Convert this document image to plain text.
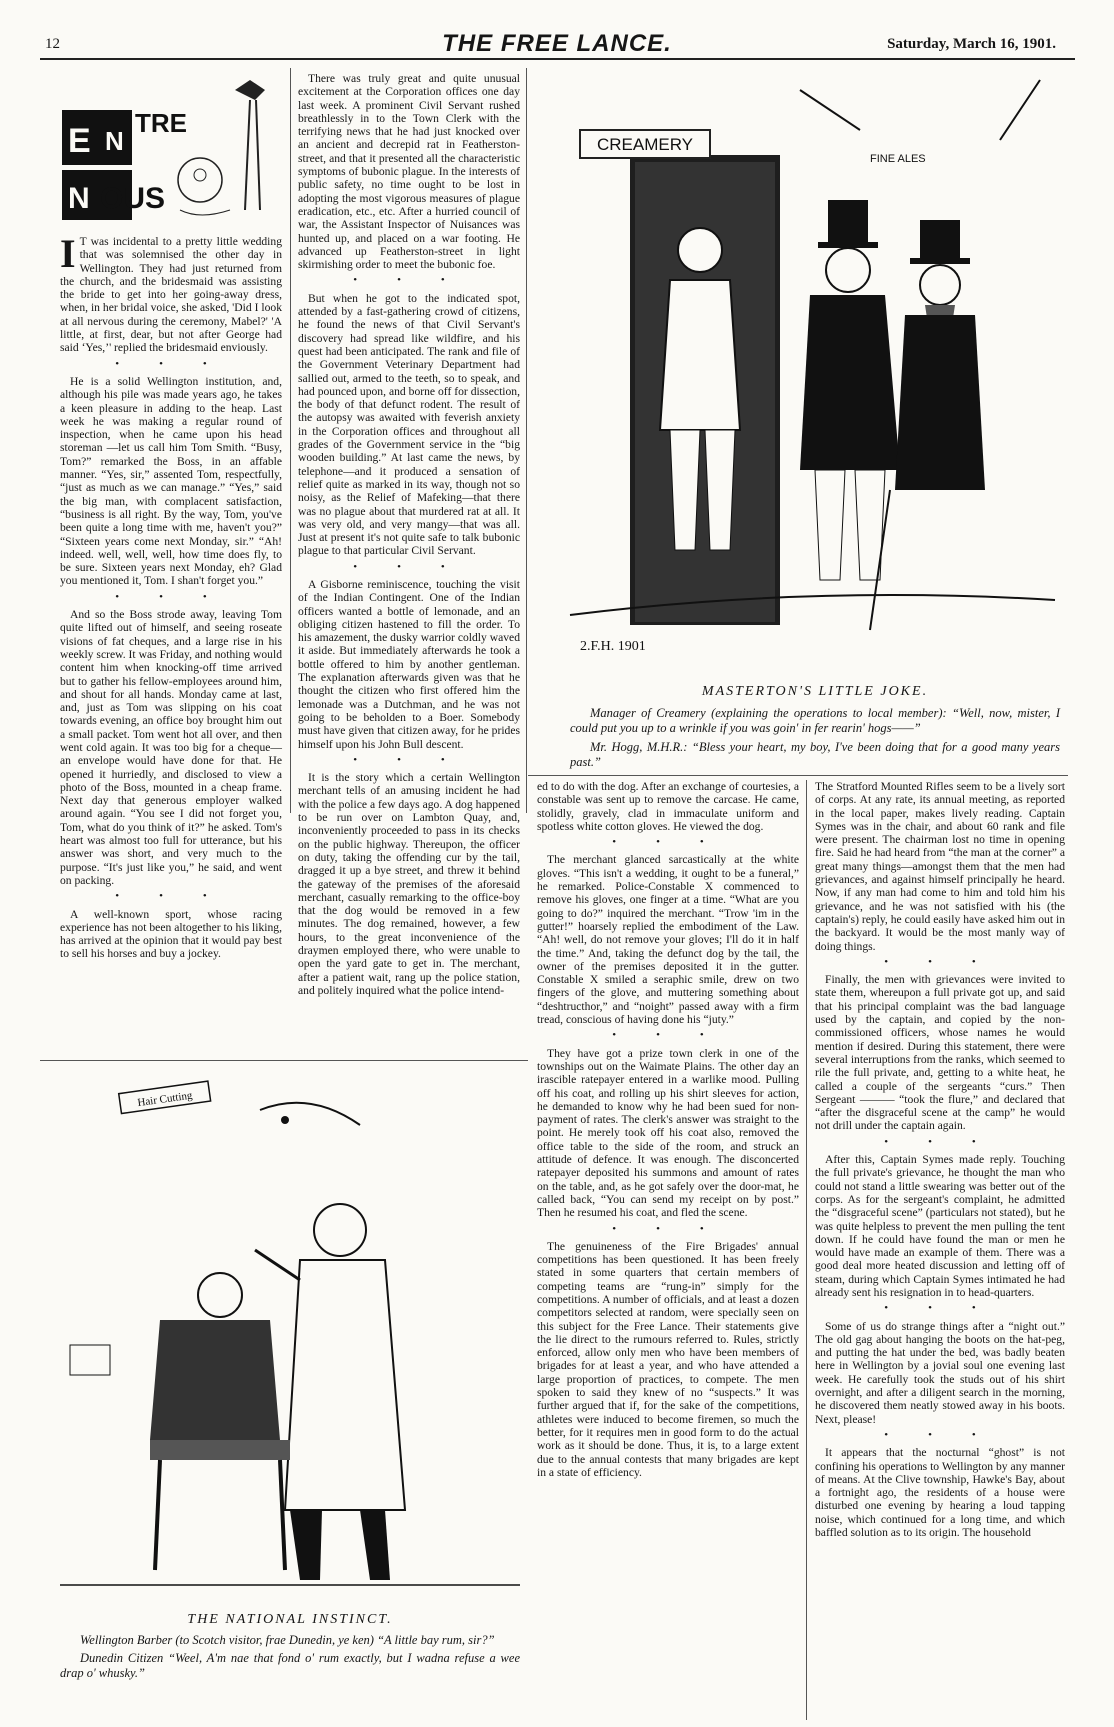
12	THE FREE LANCE.	Saturday, March 16, 1901.
E N
N
TRE
OUS

I T was incidental to a pretty little wedding that was solemnised the other day in Wellington. They had just returned from the church, and the bridesmaid was assisting the bride to get into her going-away dress, when, in her bridal voice, she asked, 'Did I look at all nervous during the ceremony, Mabel?' 'A little, at first, dear, but not after George had said ‘Yes,’' replied the bridesmaid enviously.

•••

He is a solid Wellington institution, and, although his pile was made years ago, he takes a keen pleasure in adding to the heap. Last week he was making a regular round of inspection, when he came upon his head storeman —let us call him Tom Smith. “Busy, Tom?” remarked the Boss, in an affable manner. “Yes, sir,” assented Tom, respectfully, “just as much as we can manage.” “Yes,” said the big man, with complacent satisfaction, “business is all right. By the way, Tom, you've been quite a long time with me, haven't you?” “Sixteen years come next Monday, sir.” “Ah! indeed. well, well, well, how time does fly, to be sure. Sixteen years next Monday, eh? Glad you mentioned it, Tom. I shan't forget you.”

•••

And so the Boss strode away, leaving Tom quite lifted out of himself, and seeing roseate visions of fat cheques, and a large rise in his weekly screw. It was Friday, and nothing would content him when knocking-off time arrived but to gather his fellow-employees around him, and shout for all hands. Monday came at last, and, just as Tom was slipping on his coat towards evening, an office boy brought him out a small packet. Tom went hot all over, and then went cold again. It was too big for a cheque—an envelope would have done for that. He opened it hurriedly, and disclosed to view a photo of the Boss, mounted in a cheap frame. Next day that generous employer walked around again. “You see I did not forget you, Tom, what do you think of it?” he asked. Tom's heart was almost too full for utterance, but his answer was short, and very much to the purpose. “It's just like you,” he said, and went on packing.

•••

A well-known sport, whose racing experience has not been altogether to his liking, has arrived at the opinion that it would pay best to sell his horses and buy a jockey.

There was truly great and quite unusual excitement at the Corporation offices one day last week. A prominent Civil Servant rushed breathlessly in to the Town Clerk with the terrifying news that he had just knocked over an ancient and decrepid rat in Featherston-street, and that it presented all the characteristic symptoms of bubonic plague. In the interests of public safety, no time ought to be lost in adopting the most vigorous measures of plague eradication, etc., etc. After a hurried council of war, the Assistant Inspector of Nuisances was hunted up, and placed on a war footing. He advanced up Featherston-street in light skirmishing order to meet the bubonic foe.

•••

But when he got to the indicated spot, attended by a fast-gathering crowd of citizens, he found the news of that Civil Servant's discovery had spread like wildfire, and his quest had been anticipated. The rank and file of the Government Veterinary Department had sallied out, armed to the teeth, so to speak, and had pounced upon, and borne off for dissection, the body of that defunct rodent. The result of the autopsy was awaited with feverish anxiety in the Corporation offices and throughout all grades of the Government service in the “big wooden building.” At last came the news, by telephone—and it produced a sensation of relief quite as marked in its way, though not so noisy, as the Relief of Mafeking—that there was no plague about that murdered rat at all. It was very old, and very mangy—that was all. Just at present it's not quite safe to talk bubonic plague to that particular Civil Servant.

•••

A Gisborne reminiscence, touching the visit of the Indian Contingent. One of the Indian officers wanted a bottle of lemonade, and an obliging citizen hastened to fill the order. To his amazement, the dusky warrior coldly waved it aside. But immediately afterwards he took a bottle offered to him by another gentleman. The explanation afterwards given was that he thought the citizen who first offered him the lemonade was a Dutchman, and he was not going to be beholden to a Boer. Somebody must have given that citizen away, for he prides himself upon his John Bull descent.

•••

It is the story which a certain Wellington merchant tells of an amusing incident he had with the police a few days ago. A dog happened to be run over on Lambton Quay, and, inconveniently proceeded to pass in its checks on the public highway. Thereupon, the officer on duty, taking the offending cur by the tail, dragged it up a bye street, and threw it behind the gateway of the premises of the aforesaid merchant, casually remarking to the office-boy that the dog would be removed in a few minutes. The dog remained, however, a few hours, to the great inconvenience of the draymen employed there, who were unable to open the yard gate to get in. The merchant, after a patient wait, rang up the police station, and politely inquired what the police intend-

CREAMERY
FINE ALES
2.F.H. 1901
MASTERTON'S LITTLE JOKE.
Manager of Creamery (explaining the operations to local member): “Well, now, mister, I could put you up to a wrinkle if you was goin' in fer rearin' hogs——”
Mr. Hogg, M.H.R.: “Bless your heart, my boy, I've been doing that for a good many years past.”

ed to do with the dog. After an exchange of courtesies, a constable was sent up to remove the carcase. He came, stolidly, gravely, clad in immaculate uniform and spotless white cotton gloves. He viewed the dog.

•••

The merchant glanced sarcastically at the white gloves. “This isn't a wedding, it ought to be a funeral,” he remarked. Police-Constable X commenced to remove his gloves, one finger at a time. “What are you going to do?” inquired the merchant. “Trow 'im in the gutter!” hoarsely replied the embodiment of the Law. “Ah! well, do not remove your gloves; I'll do it in half the time.” And, taking the defunct dog by the tail, the owner of the premises deposited it in the gutter. Constable X smiled a seraphic smile, drew on two fingers of the glove, and muttering something about “deshtructhor,” and “noight” passed away with a firm tread, conscious of having done his “juty.”

•••

They have got a prize town clerk in one of the townships out on the Waimate Plains. The other day an irascible ratepayer entered in a warlike mood. Pulling off his coat, and rolling up his shirt sleeves for action, he demanded to know why he had been sued for non-payment of rates. The clerk's answer was straight to the point. He merely took off his coat also, removed the office table to the side of the room, and struck an attitude of defence. It was enough. The disconcerted ratepayer deposited his summons and amount of rates on the table, and, as he got safely over the door-mat, he called back, “You can send my receipt on by post.” Then he resumed his coat, and fled the scene.

•••

The genuineness of the Fire Brigades' annual competitions has been questioned. It has been freely stated in some quarters that certain members of competing teams are “rung-in” simply for the competitions. A number of officials, and at least a dozen competitors selected at random, were specially seen on this subject for the Free Lance. Their statements give the lie direct to the rumours referred to. Rules, strictly enforced, allow only men who have been members of brigades for at least a year, and who have attended a large proportion of practices, to compete. The men spoken to said they knew of no “suspects.” It was further argued that if, for the sake of the competitions, athletes were induced to become firemen, so much the better, for it requires men in good form to do the actual work as it should be done. Thus, it is, to a large extent due to the annual contests that many brigades are kept in a state of efficiency.

The Stratford Mounted Rifles seem to be a lively sort of corps. At any rate, its annual meeting, as reported in the local paper, makes lively reading. Captain Symes was in the chair, and about 60 rank and file were present. The chairman lost no time in opening fire. Said he had heard from “the man at the corner” a great many things—amongst them that the men had grievances, and against himself principally he heard. Now, if any man had come to him and told him his grievance, and he was not satisfied with his (the captain's) reply, he could easily have asked him out in the backyard. It would be the most manly way of doing things.

•••

Finally, the men with grievances were invited to state them, whereupon a full private got up, and said that his principal complaint was the bad language used by the captain, and copied by the non-commissioned officers, whose names he would mention if desired. During this statement, there were several interruptions from the ranks, which seemed to rile the full private, and, getting to a white heat, he called a couple of the sergeants “curs.” Then Sergeant ——— “took the flure,” and declared that “after the disgraceful scene at the camp” he would not drill under the captain again.

•••

After this, Captain Symes made reply. Touching the full private's grievance, he thought the man who could not stand a little swearing was better out of the corps. As for the sergeant's complaint, he admitted the “disgraceful scene” (particulars not stated), but he was quite helpless to prevent the men pulling the tent down. If he could have found the man or men he would have made an example of them. There was a good deal more heated discussion and letting off of steam, during which Captain Symes intimated he had already sent his resignation in to head-quarters.

•••

Some of us do strange things after a “night out.” The old gag about hanging the boots on the hat-peg, and putting the hat under the bed, was badly beaten here in Wellington by a jovial soul one evening last week. He carefully took the studs out of his shirt overnight, and after a diligent search in the morning, he discovered them neatly stowed away in his boots. Next, please!

•••

It appears that the nocturnal “ghost” is not confining his operations to Wellington by any manner of means. At the Clive township, Hawke's Bay, about a fortnight ago, the residents of a house were disturbed one evening by hearing a loud tapping noise, which continued for a long time, and which baffled solution as to its origin. The household

Hair Cutting
THE NATIONAL INSTINCT.
Wellington Barber (to Scotch visitor, frae Dunedin, ye ken) “A little bay rum, sir?”
Dunedin Citizen “Weel, A'm nae that fond o' rum exactly, but I wadna refuse a wee drap o' whusky.”
